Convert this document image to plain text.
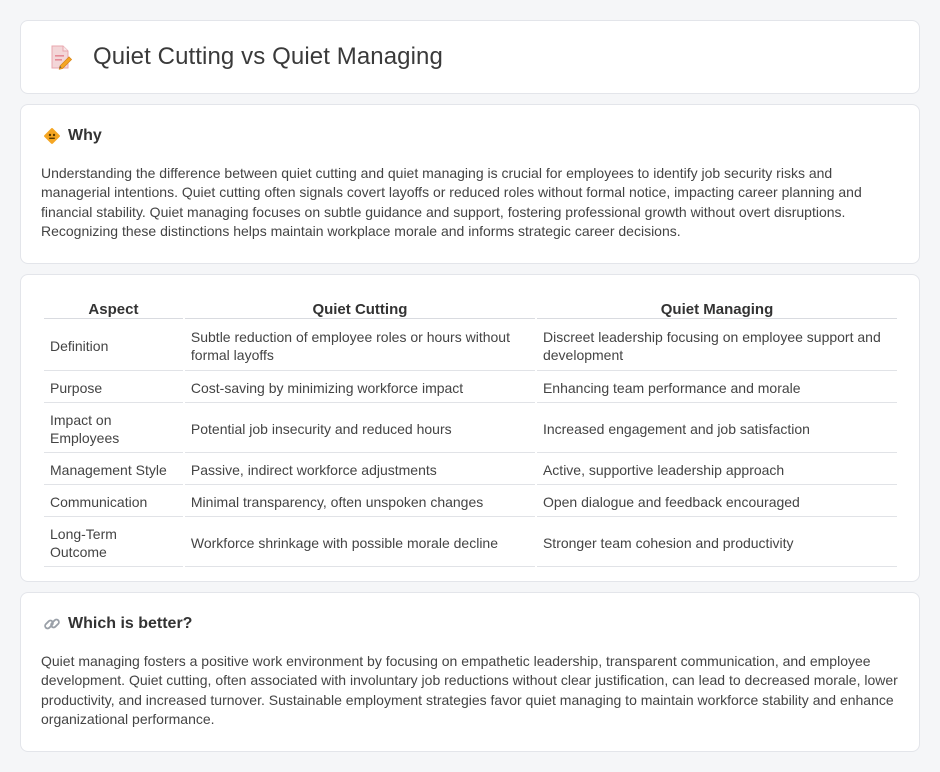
Quiet Cutting vs Quiet Managing
Why

Understanding the difference between quiet cutting and quiet managing is crucial for employees to identify job security risks and managerial intentions. Quiet cutting often signals covert layoffs or reduced roles without formal notice, impacting career planning and financial stability. Quiet managing focuses on subtle guidance and support, fostering professional growth without overt disruptions. Recognizing these distinctions helps maintain workplace morale and informs strategic career decisions.

Aspect	Quiet Cutting	Quiet Managing
Definition	Subtle reduction of employee roles or hours without formal layoffs	Discreet leadership focusing on employee support and development
Purpose	Cost-saving by minimizing workforce impact	Enhancing team performance and morale
Impact on Employees	Potential job insecurity and reduced hours	Increased engagement and job satisfaction
Management Style	Passive, indirect workforce adjustments	Active, supportive leadership approach
Communication	Minimal transparency, often unspoken changes	Open dialogue and feedback encouraged
Long-Term Outcome	Workforce shrinkage with possible morale decline	Stronger team cohesion and productivity
Which is better?

Quiet managing fosters a positive work environment by focusing on empathetic leadership, transparent communication, and employee development. Quiet cutting, often associated with involuntary job reductions without clear justification, can lead to decreased morale, lower productivity, and increased turnover. Sustainable employment strategies favor quiet managing to maintain workforce stability and enhance organizational performance.
